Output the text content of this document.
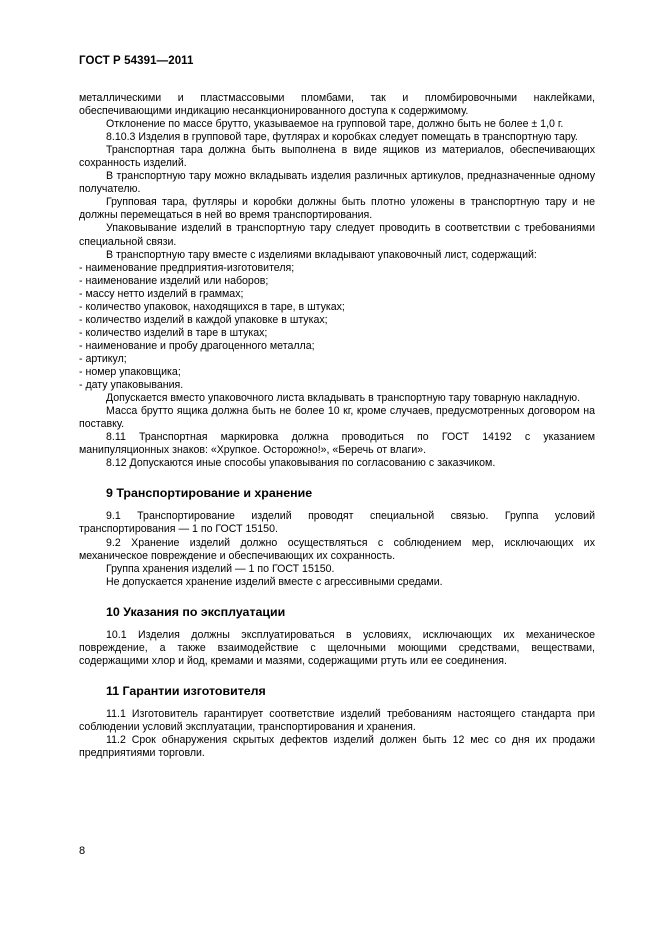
ГОСТ Р 54391—2011

металлическими и пластмассовыми пломбами, так и пломбировочными наклейками, обеспечивающими индикацию несанкционированного доступа к содержимому.

Отклонение по массе брутто, указываемое на групповой таре, должно быть не более ± 1,0 г.

8.10.3 Изделия в групповой таре, футлярах и коробках следует помещать в транспортную тару.

Транспортная тара должна быть выполнена в виде ящиков из материалов, обеспечивающих сохранность изделий.

В транспортную тару можно вкладывать изделия различных артикулов, предназначенные одному получателю.

Групповая тара, футляры и коробки должны быть плотно уложены в транспортную тару и не должны перемещаться в ней во время транспортирования.

Упаковывание изделий в транспортную тару следует проводить в соответствии с требованиями специальной связи.

В транспортную тару вместе с изделиями вкладывают упаковочный лист, содержащий:

- наименование предприятия-изготовителя;

- наименование изделий или наборов;

- массу нетто изделий в граммах;

- количество упаковок, находящихся в таре, в штуках;

- количество изделий в каждой упаковке в штуках;

- количество изделий в таре в штуках;

- наименование и пробу драгоценного металла;

- артикул;

- номер упаковщика;

- дату упаковывания.

Допускается вместо упаковочного листа вкладывать в транспортную тару товарную накладную.

Масса брутто ящика должна быть не более 10 кг, кроме случаев, предусмотренных договором на поставку.

8.11 Транспортная маркировка должна проводиться по ГОСТ 14192 с указанием манипуляционных знаков: «Хрупкое. Осторожно!», «Беречь от влаги».

8.12 Допускаются иные способы упаковывания по согласованию с заказчиком.

9 Транспортирование и хранение

9.1 Транспортирование изделий проводят специальной связью. Группа условий транспортирования — 1 по ГОСТ 15150.

9.2 Хранение изделий должно осуществляться с соблюдением мер, исключающих их механическое повреждение и обеспечивающих их сохранность.

Группа хранения изделий — 1 по ГОСТ 15150.

Не допускается хранение изделий вместе с агрессивными средами.

10 Указания по эксплуатации

10.1 Изделия должны эксплуатироваться в условиях, исключающих их механическое повреждение, а также взаимодействие с щелочными моющими средствами, веществами, содержащими хлор и йод, кремами и мазями, содержащими ртуть или ее соединения.

11 Гарантии изготовителя

11.1 Изготовитель гарантирует соответствие изделий требованиям настоящего стандарта при соблюдении условий эксплуатации, транспортирования и хранения.

11.2 Срок обнаружения скрытых дефектов изделий должен быть 12 мес со дня их продажи предприятиями торговли.

8
